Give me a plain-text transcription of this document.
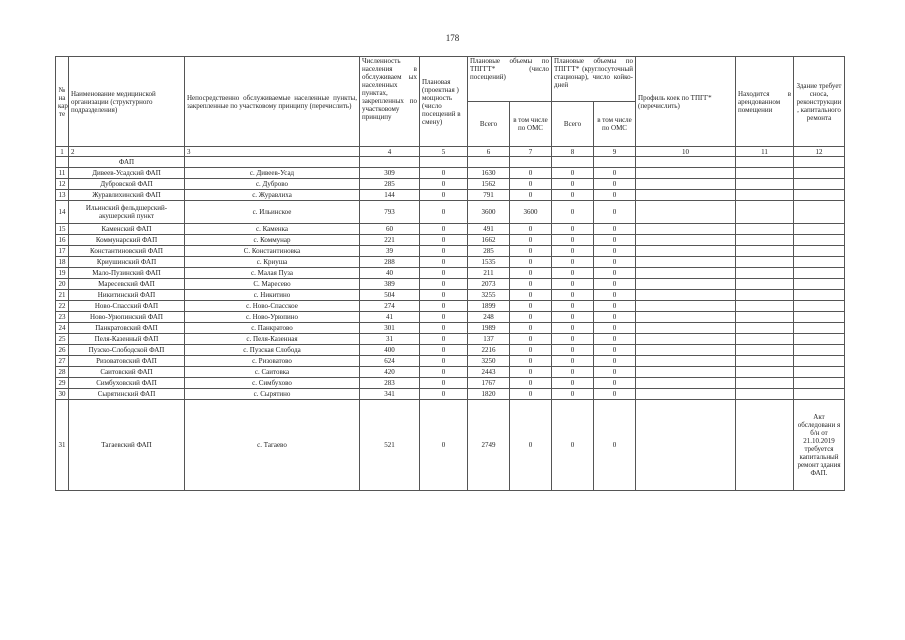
178
№ на кар те	Наименование медицинской организации (структурного подразделения)	Непосредственно обслуживаемые населенные пункты, закрепленные по участковому принципу (перечислить)	Численность населения в обслуживаем ых населенных пунктах, закрепленных по участковому принципу	Плановая (проектная ) мощность (число посещений в смену)	Плановые объемы по ТПГГТ* (число посещений)		Плановые объемы по ТПГГТ* (круглосуточный стационар), число койко-дней		Профиль коек по ТПГГ* (перечислить)	Находится в арендованном помещении	Здание требует сноса, реконструкции , капитального ремонта
					Всего	в том числе по ОМС	Всего	в том числе по ОМС			
1	2	3	4	5	6	7	8	9	10	11	12
	ФАП										
11	Дивеев-Усадский ФАП	с. Дивеев-Усад	309	0	1630	0	0	0			
12	Дубровской ФАП	с. Дуброво	285	0	1562	0	0	0			
13	Журавлихинский ФАП	с. Журавлиха	144	0	791	0	0	0			
14	Ильинский фельдшерский-акушерский пункт	с. Ильинское	793	0	3600	3600	0	0			
15	Каменский ФАП	с. Каменка	60	0	491	0	0	0			
16	Коммунарский ФАП	с. Коммунар	221	0	1662	0	0	0			
17	Константиновский ФАП	С. Константиновка	39	0	285	0	0	0			
18	Криушинский ФАП	с. Криуша	288	0	1535	0	0	0			
19	Мало-Пузинский ФАП	с. Малая Пуза	40	0	211	0	0	0			
20	Маресевский ФАП	С. Маресево	389	0	2073	0	0	0			
21	Никитинский ФАП	с. Никитино	504	0	3255	0	0	0			
22	Ново-Спасский ФАП	с. Ново-Спасское	274	0	1899	0	0	0			
23	Ново-Урюпинский ФАП	с. Ново-Урюпино	41	0	248	0	0	0			
24	Панкратовский ФАП	с. Панкратово	301	0	1989	0	0	0			
25	Пеля-Казенный ФАП	с. Пеля-Казенная	31	0	137	0	0	0			
26	Пузско-Слободской ФАП	с. Пузская Слобода	400	0	2216	0	0	0			
27	Ризоватовский ФАП	с. Ризоватово	624	0	3250	0	0	0			
28	Саитовский ФАП	с. Саитовка	420	0	2443	0	0	0			
29	Симбуховский ФАП	с. Симбухово	283	0	1767	0	0	0			
30	Сырятинский ФАП	с. Сырятино	341	0	1820	0	0	0			
31	Тагаевский ФАП	с. Тагаево	521	0	2749	0	0	0			Акт обследовани я б/н от 21.10.2019 требуется капитальный ремонт здания ФАП.
